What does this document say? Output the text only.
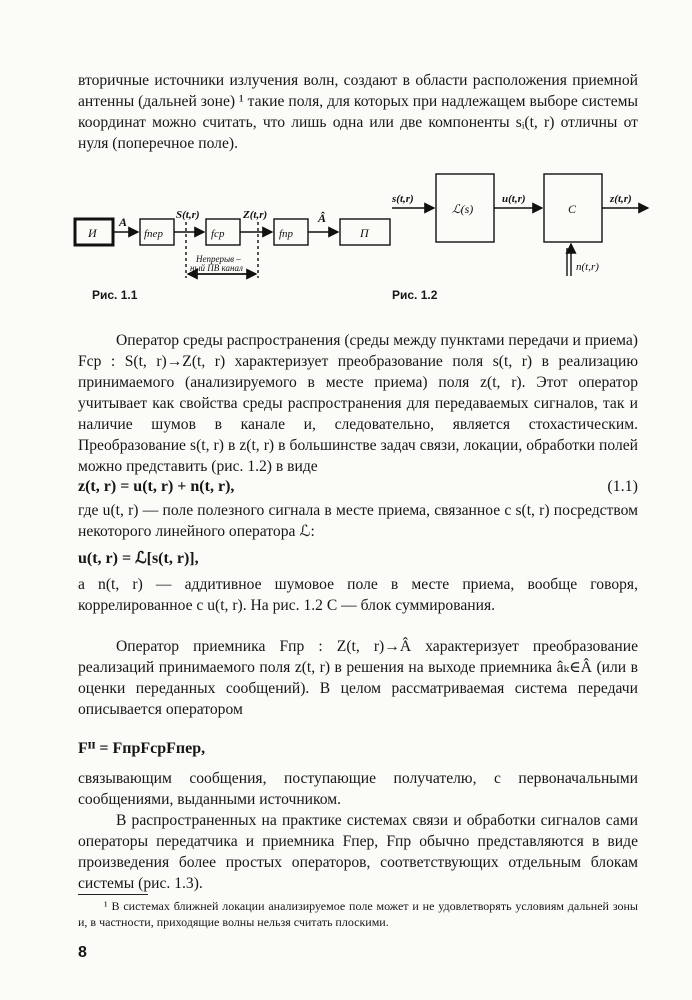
вторичные источники излучения волн, создают в области расположения приемной антенны (дальней зоне) ¹ такие поля, для которых при надлежащем выборе системы координат можно считать, что лишь одна или две компоненты sᵢ(t, r) отличны от нуля (поперечное поле).

И	fпер	fср	fпр	П
A	S(t,r)	Z(t,r)	Â
Непрерыв –
ный ПВ канал
Рис. 1.1
ℒ(s)	C
s(t,r)	u(t,r)	z(t,r)
n(t,r)
Рис. 1.2

Оператор среды распространения (среды между пунктами передачи и приема) Fср : S(t, r)→Z(t, r) характеризует преобразование поля s(t, r) в реализацию принимаемого (анализируемого в месте приема) поля z(t, r). Этот оператор учитывает как свойства среды распространения для передаваемых сигналов, так и наличие шумов в канале и, следовательно, является стохастическим. Преобразование s(t, r) в z(t, r) в большинстве задач связи, локации, обработки полей можно представить (рис. 1.2) в виде

z(t, r) = u(t, r) + n(t, r),	(1.1)

где u(t, r) — поле полезного сигнала в месте приема, связанное с s(t, r) посредством некоторого линейного оператора ℒ:

u(t, r) = ℒ[s(t, r)],

а n(t, r) — аддитивное шумовое поле в месте приема, вообще говоря, коррелированное с u(t, r). На рис. 1.2 C — блок суммирования.

Оператор приемника Fпр : Z(t, r)→Â характеризует преобразование реализаций принимаемого поля z(t, r) в решения на выходе приемника âₖ∈Â (или в оценки переданных сообщений). В целом рассматриваемая система передачи описывается оператором

Fᴵᴵ = FпрFсрFпер,

связывающим сообщения, поступающие получателю, с первоначальными сообщениями, выданными источником.

В распространенных на практике системах связи и обработки сигналов сами операторы передатчика и приемника Fпер, Fпр обычно представляются в виде произведения более простых операторов, соответствующих отдельным блокам системы (рис. 1.3).

¹ В системах ближней локации анализируемое поле может и не удовлетворять условиям дальней зоны и, в частности, приходящие волны нельзя считать плоскими.

8
